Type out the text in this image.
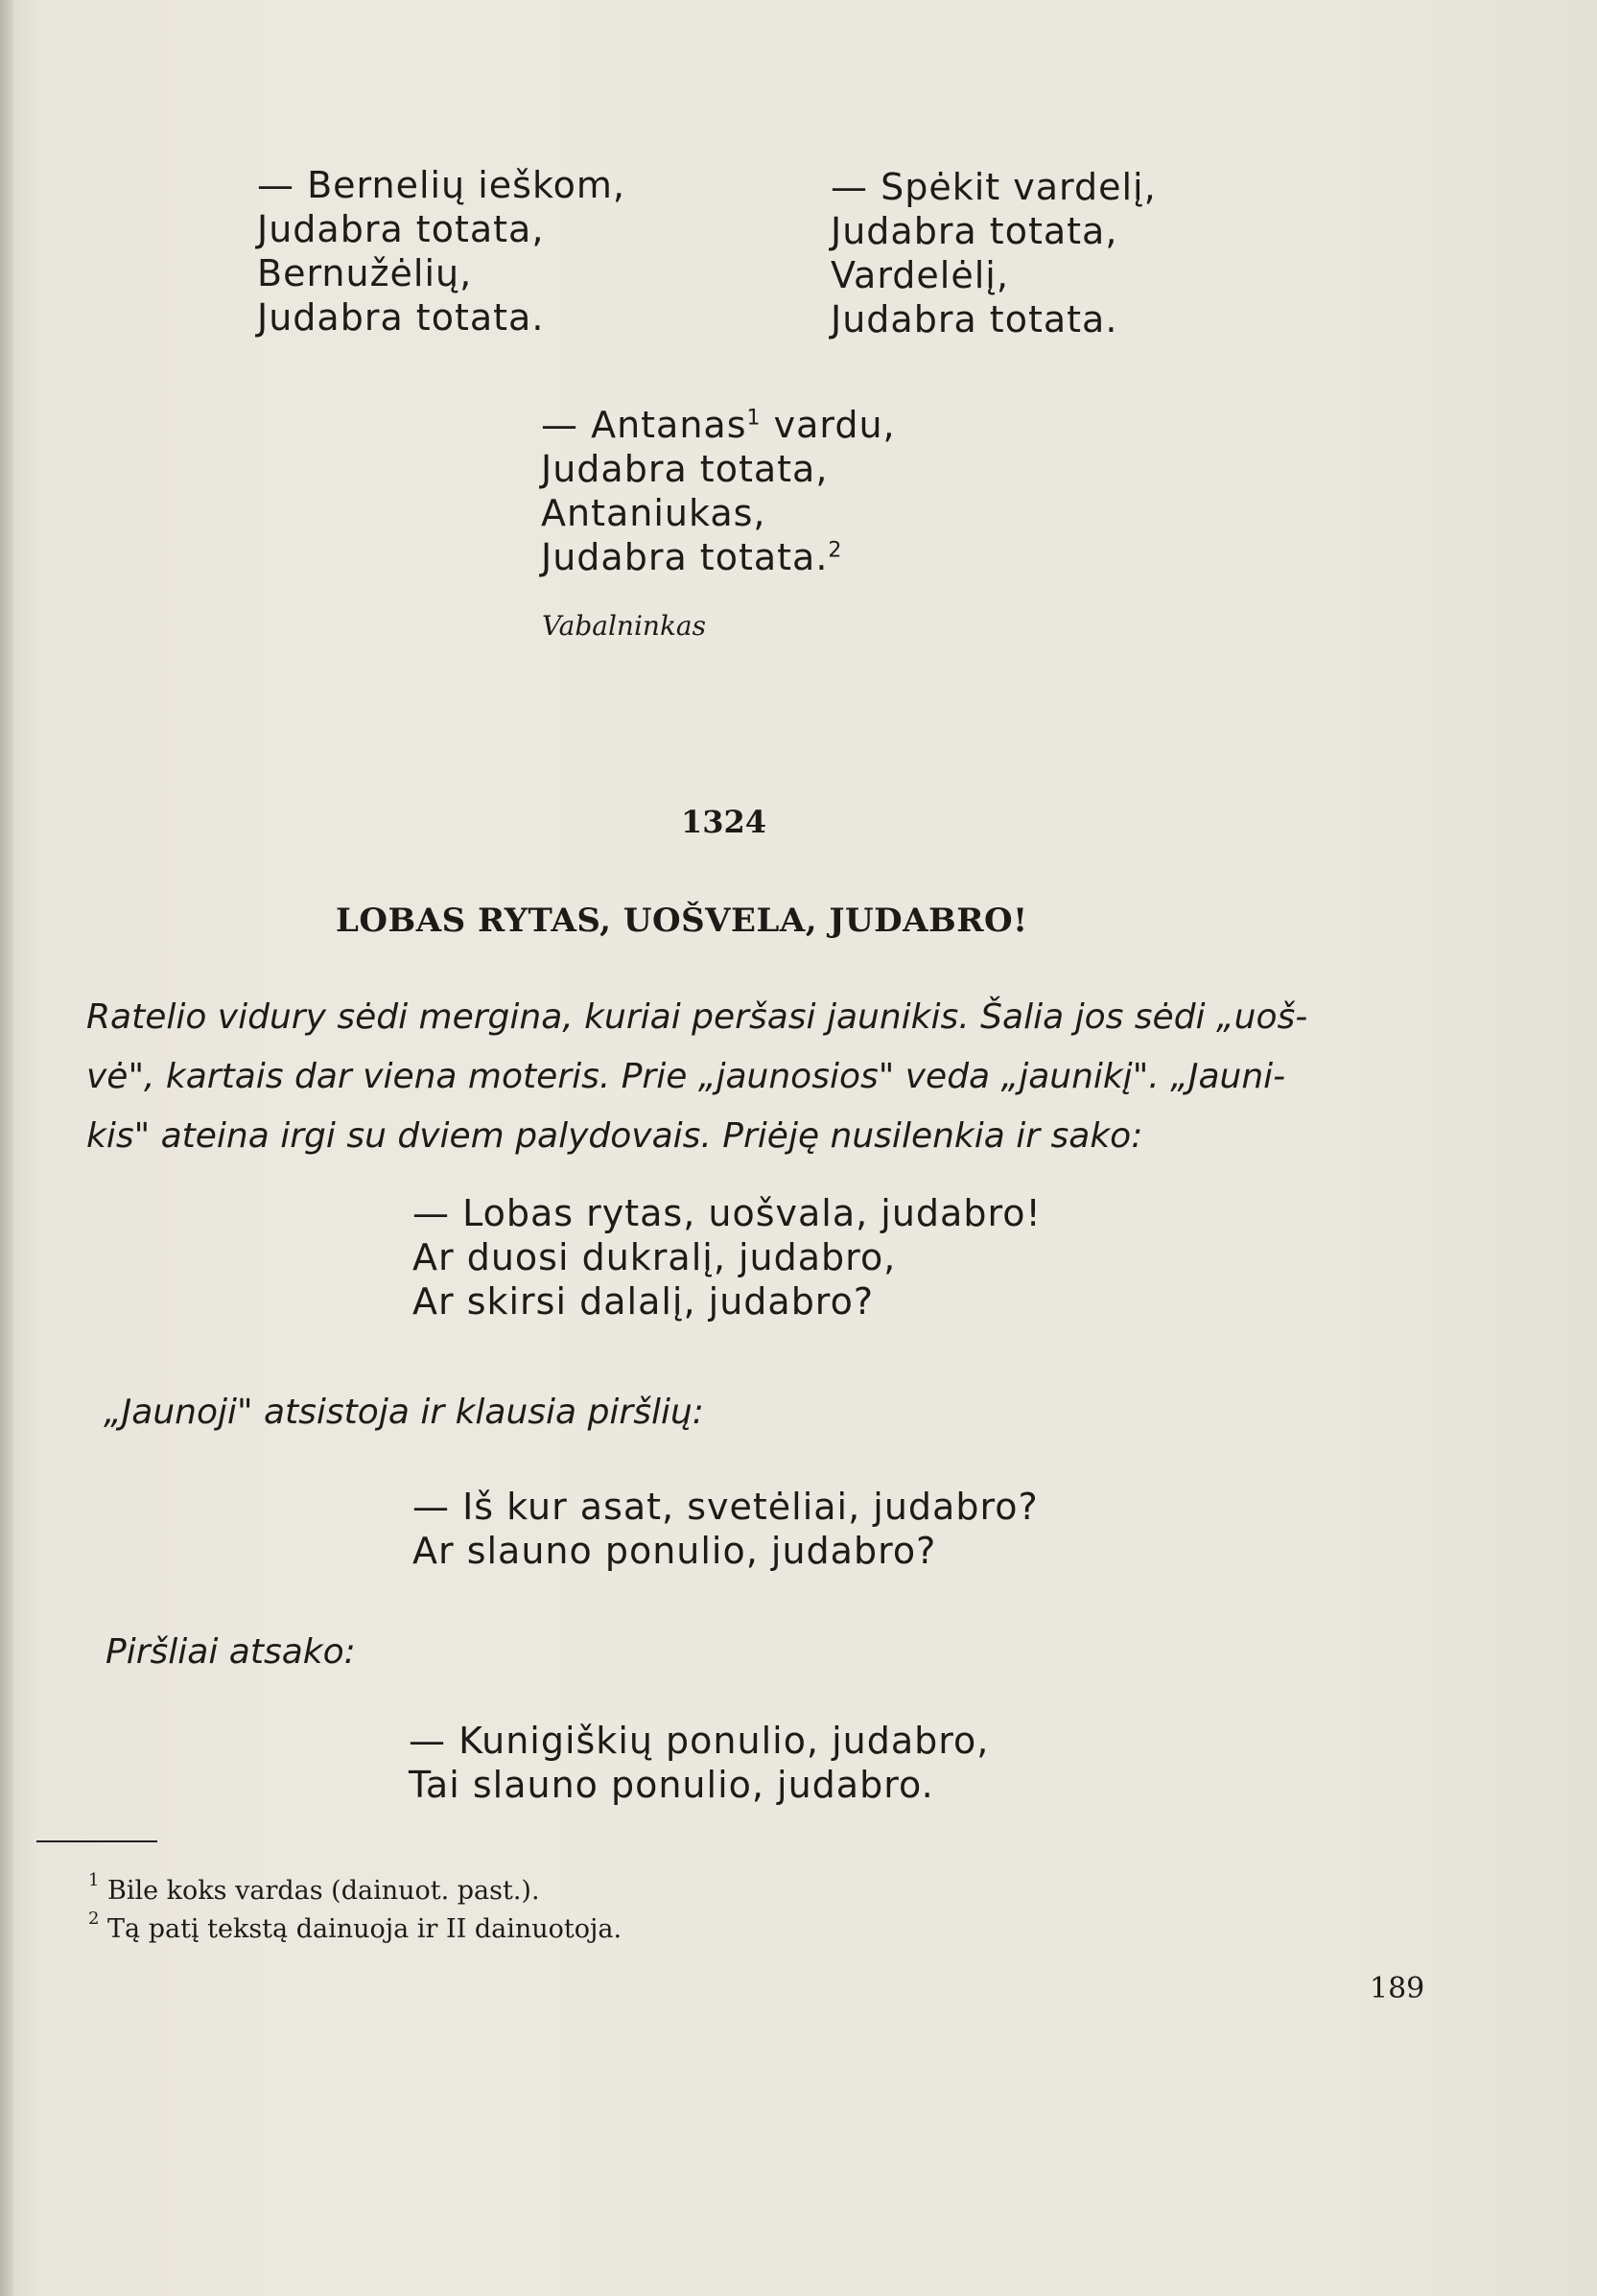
— Bernelių ieškom,
Judabra totata,
Bernužėlių,
Judabra totata.
— Spėkit vardelį,
Judabra totata,
Vardelėlį,
Judabra totata.
— Antanas$^1$ vardu,
Judabra totata,
Antaniukas,
Judabra totata.$^2$
Vabalninkas
1324
LOBAS RYTAS, UOŠVELA, JUDABRO!
Ratelio vidury sėdi mergina, kuriai peršasi jaunikis. Šalia jos sėdi „uoš-
vė", kartais dar viena moteris. Prie „jaunosios" veda „jaunikį". „Jauni-
kis" ateina irgi su dviem palydovais. Priėję nusilenkia ir sako:
— Lobas rytas, uošvala, judabro!
Ar duosi dukralį, judabro,
Ar skirsi dalalį, judabro?
„Jaunoji" atsistoja ir klausia piršlių:
— Iš kur asat, svetėliai, judabro?
Ar slauno ponulio, judabro?
Piršliai atsako:
— Kunigiškių ponulio, judabro,
Tai slauno ponulio, judabro.
1 Bile koks vardas (dainuot. past.).
2 Tą patį tekstą dainuoja ir II dainuotoja.
189
